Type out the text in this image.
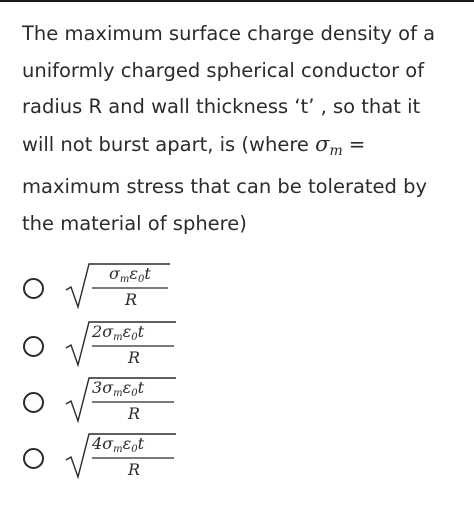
The maximum surface charge density of a
uniformly charged spherical conductor of
radius R and wall thickness ‘t’ , so that it
will not burst apart, is (where $\sigma_m$ =
maximum stress that can be tolerated by
the material of sphere)
$\sigma_m\varepsilon_0t$
R
$2\sigma_m\varepsilon_0t$
R
$3\sigma_m\varepsilon_0t$
R
$4\sigma_m\varepsilon_0t$
R
